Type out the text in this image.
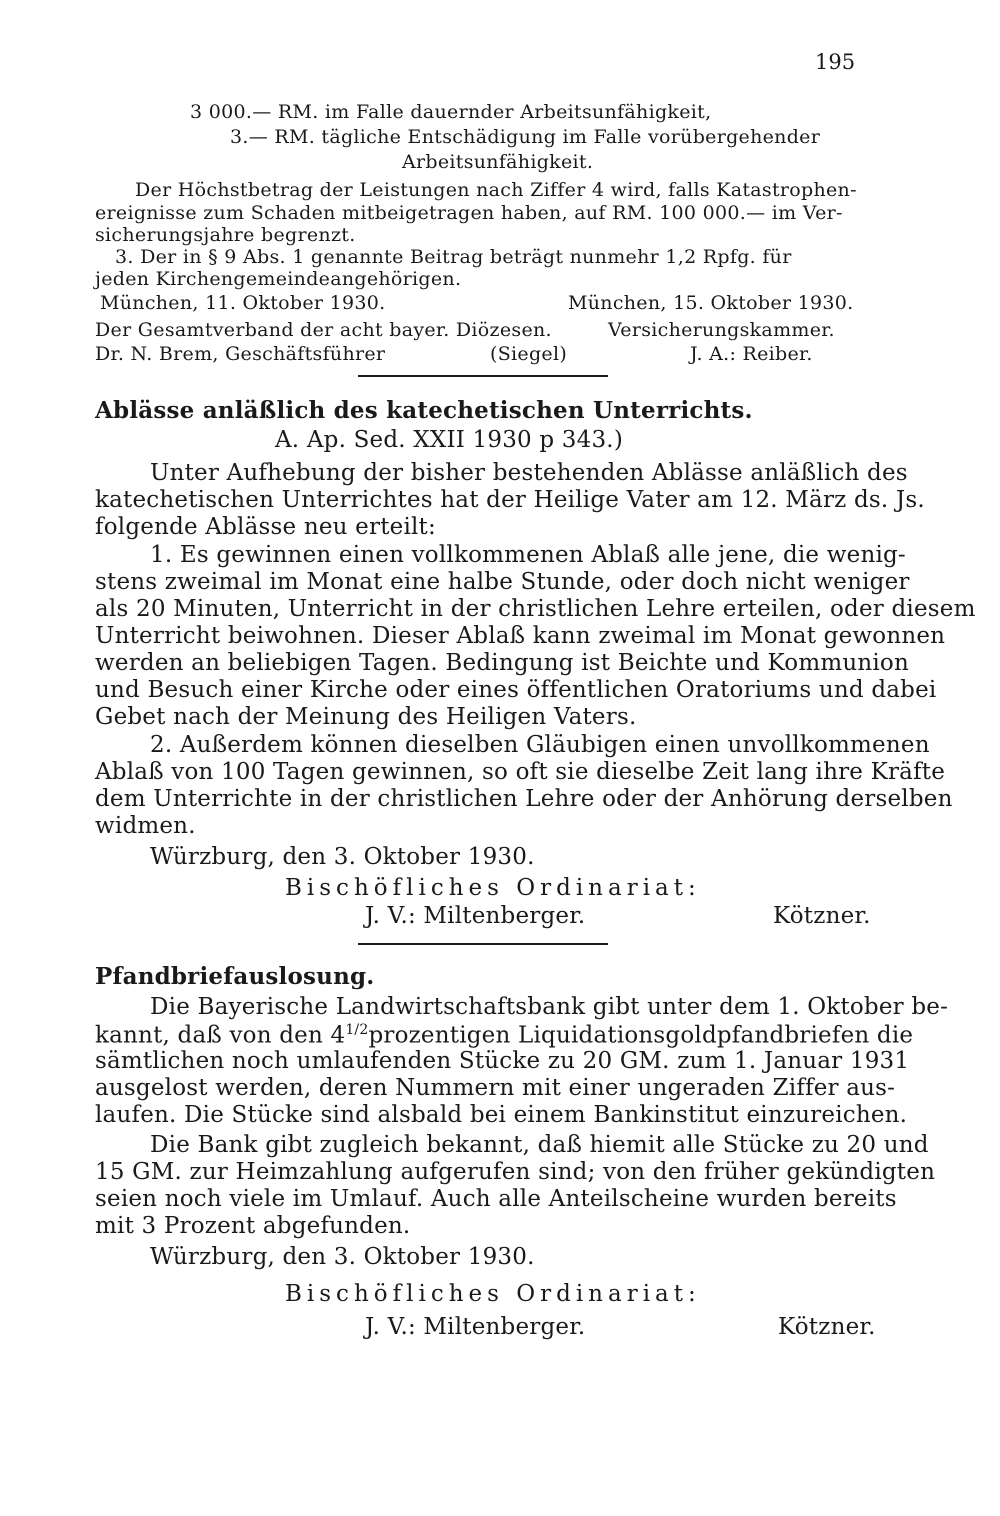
195
3 000.— RM. im Falle dauernder Arbeitsunfähigkeit,
3.— RM. tägliche Entschädigung im Falle vorübergehender
Arbeitsunfähigkeit.
Der Höchstbetrag der Leistungen nach Ziffer 4 wird, falls Katastrophen-
ereignisse zum Schaden mitbeigetragen haben, auf RM. 100 000.— im Ver-
sicherungsjahre begrenzt.
3. Der in § 9 Abs. 1 genannte Beitrag beträgt nunmehr 1,2 Rpfg. für
jeden Kirchengemeindeangehörigen.
München, 11. Oktober 1930.	München, 15. Oktober 1930.
Der Gesamtverband der acht bayer. Diözesen.	Versicherungskammer.
Dr. N. Brem, Geschäftsführer	(Siegel)	J. A.: Reiber.
Ablässe anläßlich des katechetischen Unterrichts.
A. Ap. Sed. XXII 1930 p 343.)
Unter Aufhebung der bisher bestehenden Ablässe anläßlich des
katechetischen Unterrichtes hat der Heilige Vater am 12. März ds. Js.
folgende Ablässe neu erteilt:
1. Es gewinnen einen vollkommenen Ablaß alle jene, die wenig-
stens zweimal im Monat eine halbe Stunde, oder doch nicht weniger
als 20 Minuten, Unterricht in der christlichen Lehre erteilen, oder diesem
Unterricht beiwohnen. Dieser Ablaß kann zweimal im Monat gewonnen
werden an beliebigen Tagen. Bedingung ist Beichte und Kommunion
und Besuch einer Kirche oder eines öffentlichen Oratoriums und dabei
Gebet nach der Meinung des Heiligen Vaters.
2. Außerdem können dieselben Gläubigen einen unvollkommenen
Ablaß von 100 Tagen gewinnen, so oft sie dieselbe Zeit lang ihre Kräfte
dem Unterrichte in der christlichen Lehre oder der Anhörung derselben
widmen.
Würzburg, den 3. Oktober 1930.
Bischöfliches Ordinariat:
J. V.: Miltenberger.	Kötzner.
Pfandbriefauslosung.
Die Bayerische Landwirtschaftsbank gibt unter dem 1. Oktober be-
kannt, daß von den $4^{1/2}prozentigen$ Liquidationsgoldpfandbriefen die
sämtlichen noch umlaufenden Stücke zu 20 GM. zum 1. Januar 1931
ausgelost werden, deren Nummern mit einer ungeraden Ziffer aus-
laufen. Die Stücke sind alsbald bei einem Bankinstitut einzureichen.
Die Bank gibt zugleich bekannt, daß hiemit alle Stücke zu 20 und
15 GM. zur Heimzahlung aufgerufen sind; von den früher gekündigten
seien noch viele im Umlauf. Auch alle Anteilscheine wurden bereits
mit 3 Prozent abgefunden.
Würzburg, den 3. Oktober 1930.
Bischöfliches Ordinariat:
J. V.: Miltenberger.	Kötzner.
